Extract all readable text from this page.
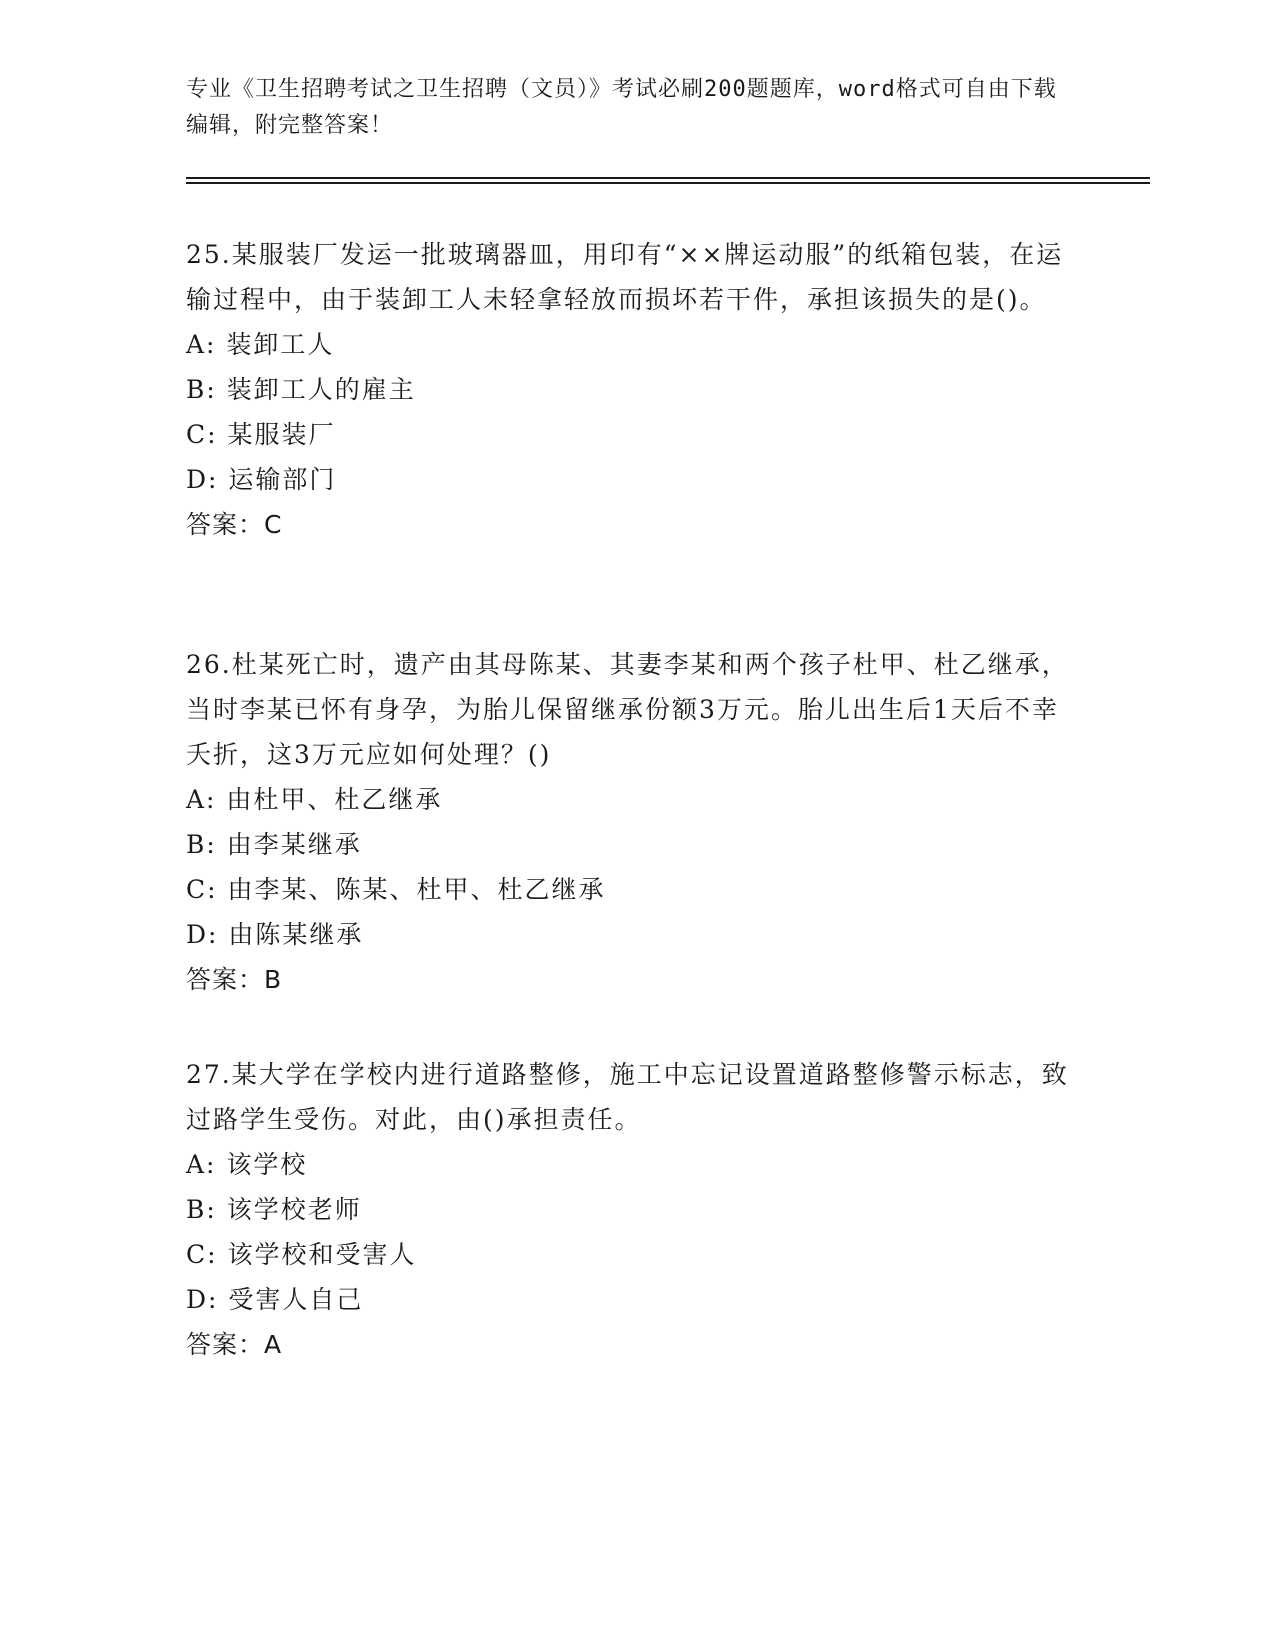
专业《卫生招聘考试之卫生招聘（文员）》考试必刷200题题库，word格式可自由下载编辑，附完整答案！

25.某服装厂发运一批玻璃器皿，用印有“××牌运动服”的纸箱包装，在运输过程中，由于装卸工人未轻拿轻放而损坏若干件，承担该损失的是()。

A: 装卸工人

B: 装卸工人的雇主

C: 某服装厂

D: 运输部门

答案：C

26.杜某死亡时，遗产由其母陈某、其妻李某和两个孩子杜甲、杜乙继承，当时李某已怀有身孕，为胎儿保留继承份额3万元。胎儿出生后1天后不幸夭折，这3万元应如何处理？()

A: 由杜甲、杜乙继承

B: 由李某继承

C: 由李某、陈某、杜甲、杜乙继承

D: 由陈某继承

答案：B

27.某大学在学校内进行道路整修，施工中忘记设置道路整修警示标志，致过路学生受伤。对此，由()承担责任。

A: 该学校

B: 该学校老师

C: 该学校和受害人

D: 受害人自己

答案：A
